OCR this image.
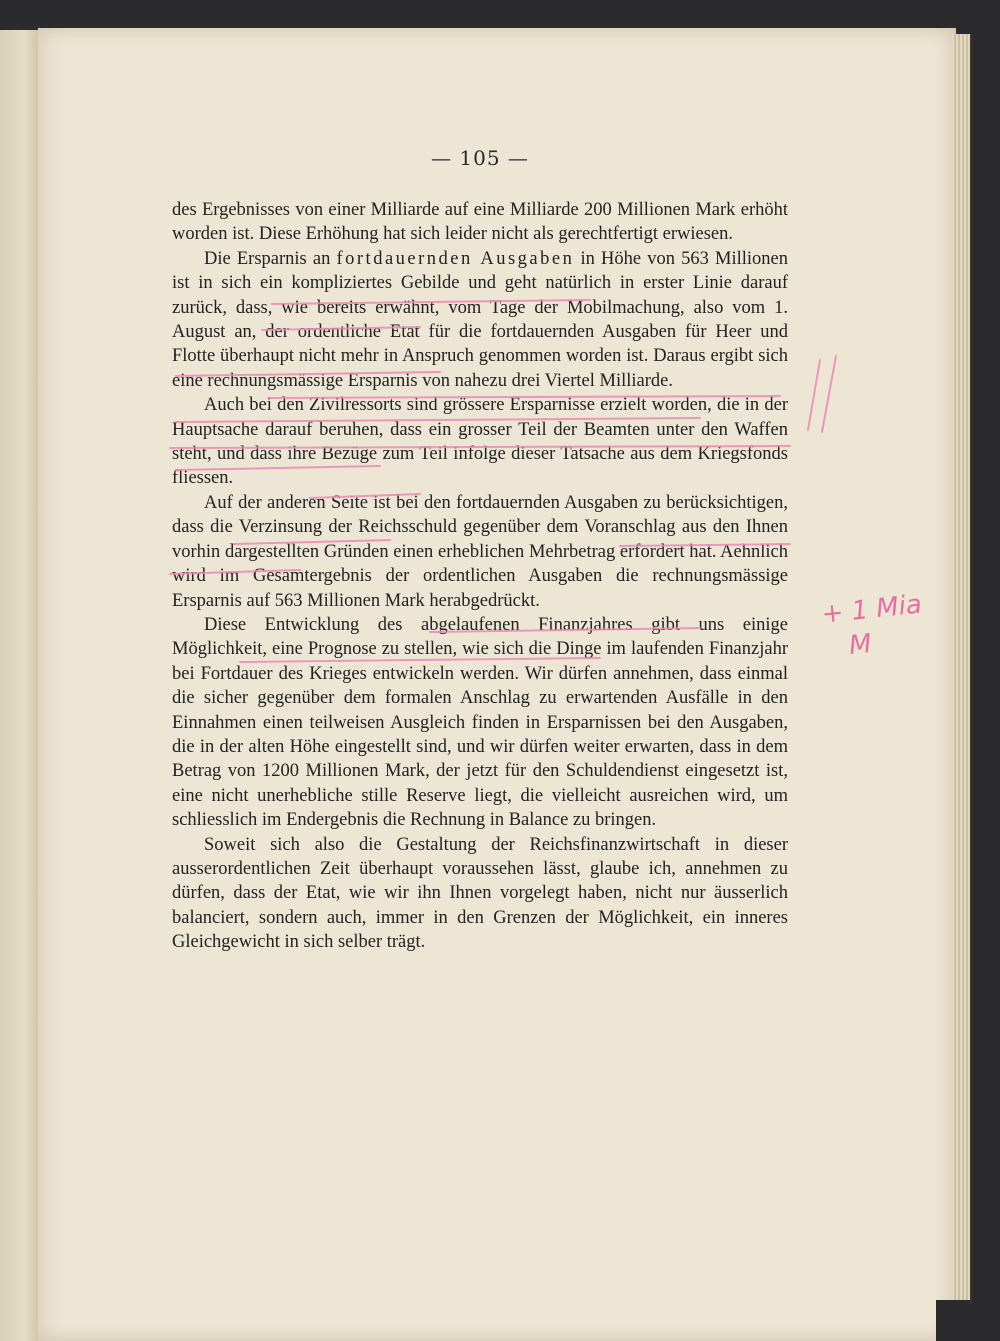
— 105 —

des Ergebnisses von einer Milliarde auf eine Milliarde 200 Millionen Mark erhöht worden ist. Diese Erhöhung hat sich leider nicht als gerechtfertigt erwiesen.

Die Ersparnis an fortdauernden Ausgaben in Höhe von 563 Millionen ist in sich ein kompliziertes Gebilde und geht natürlich in erster Linie darauf zurück, dass, wie bereits erwähnt, vom Tage der Mobilmachung, also vom 1. August an, der ordentliche Etat für die fortdauernden Ausgaben für Heer und Flotte überhaupt nicht mehr in Anspruch genommen worden ist. Daraus ergibt sich eine rechnungsmässige Ersparnis von nahezu drei Viertel Milliarde.

Auch bei den Zivilressorts sind grössere Ersparnisse erzielt worden, die in der Hauptsache darauf beruhen, dass ein grosser Teil der Beamten unter den Waffen steht, und dass ihre Bezüge zum Teil infolge dieser Tatsache aus dem Kriegsfonds fliessen.

Auf der anderen Seite ist bei den fortdauernden Ausgaben zu berücksichtigen, dass die Verzinsung der Reichsschuld gegenüber dem Voranschlag aus den Ihnen vorhin dargestellten Gründen einen erheblichen Mehrbetrag erfordert hat. Aehnlich wird im Gesamtergebnis der ordentlichen Ausgaben die rechnungsmässige Ersparnis auf 563 Millionen Mark herabgedrückt.

Diese Entwicklung des abgelaufenen Finanzjahres gibt uns einige Möglichkeit, eine Prognose zu stellen, wie sich die Dinge im laufenden Finanzjahr bei Fortdauer des Krieges entwickeln werden. Wir dürfen annehmen, dass einmal die sicher gegenüber dem formalen Anschlag zu erwartenden Ausfälle in den Einnahmen einen teilweisen Ausgleich finden in Ersparnissen bei den Ausgaben, die in der alten Höhe eingestellt sind, und wir dürfen weiter erwarten, dass in dem Betrag von 1200 Millionen Mark, der jetzt für den Schuldendienst eingesetzt ist, eine nicht unerhebliche stille Reserve liegt, die vielleicht ausreichen wird, um schliesslich im Endergebnis die Rechnung in Balance zu bringen.

Soweit sich also die Gestaltung der Reichsfinanzwirtschaft in dieser ausserordentlichen Zeit überhaupt voraussehen lässt, glaube ich, annehmen zu dürfen, dass der Etat, wie wir ihn Ihnen vorgelegt haben, nicht nur äusserlich balanciert, sondern auch, immer in den Grenzen der Möglichkeit, ein inneres Gleichgewicht in sich selber trägt.

+ 1 Mia
M
